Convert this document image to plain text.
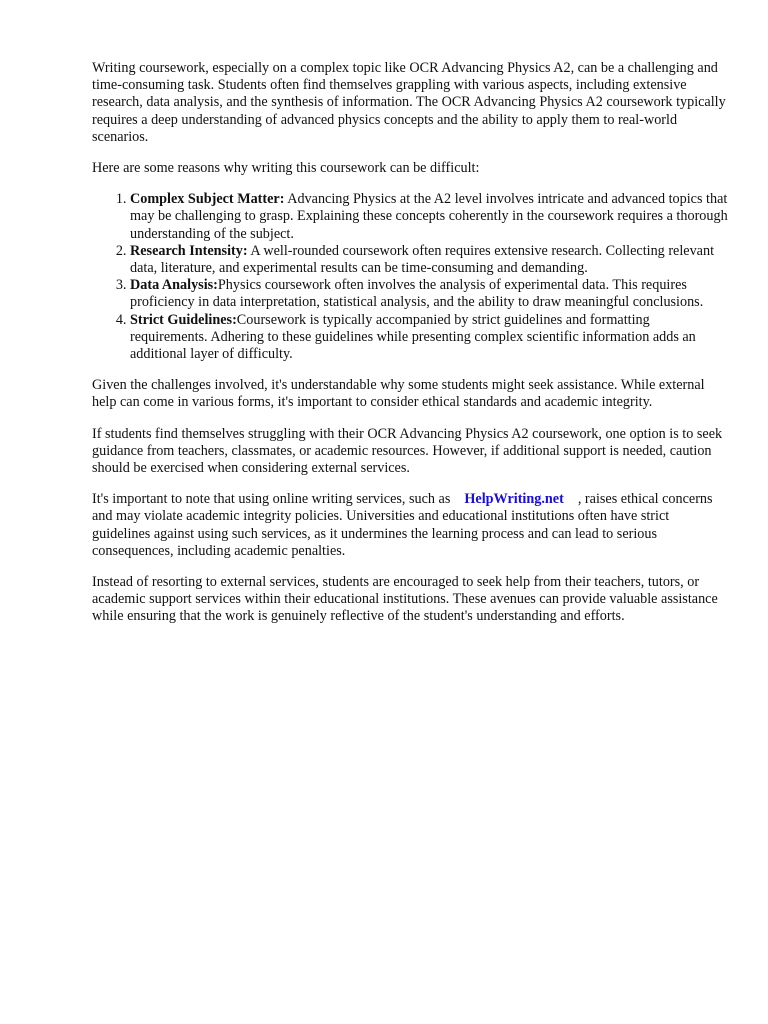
Writing coursework, especially on a complex topic like OCR Advancing Physics A2, can be a challenging and time-consuming task. Students often find themselves grappling with various aspects, including extensive research, data analysis, and the synthesis of information. The OCR Advancing Physics A2 coursework typically requires a deep understanding of advanced physics concepts and the ability to apply them to real-world scenarios.

Here are some reasons why writing this coursework can be difficult:

1. Complex Subject Matter: Advancing Physics at the A2 level involves intricate and advanced topics that may be challenging to grasp. Explaining these concepts coherently in the coursework requires a thorough understanding of the subject.
2. Research Intensity: A well-rounded coursework often requires extensive research. Collecting relevant data, literature, and experimental results can be time-consuming and demanding.
3. Data Analysis:Physics coursework often involves the analysis of experimental data. This requires proficiency in data interpretation, statistical analysis, and the ability to draw meaningful conclusions.
4. Strict Guidelines:Coursework is typically accompanied by strict guidelines and formatting requirements. Adhering to these guidelines while presenting complex scientific information adds an additional layer of difficulty.

Given the challenges involved, it's understandable why some students might seek assistance. While external help can come in various forms, it's important to consider ethical standards and academic integrity.

If students find themselves struggling with their OCR Advancing Physics A2 coursework, one option is to seek guidance from teachers, classmates, or academic resources. However, if additional support is needed, caution should be exercised when considering external services.

It's important to note that using online writing services, such as HelpWriting.net , raises ethical concerns and may violate academic integrity policies. Universities and educational institutions often have strict guidelines against using such services, as it undermines the learning process and can lead to serious consequences, including academic penalties.

Instead of resorting to external services, students are encouraged to seek help from their teachers, tutors, or academic support services within their educational institutions. These avenues can provide valuable assistance while ensuring that the work is genuinely reflective of the student's understanding and efforts.
